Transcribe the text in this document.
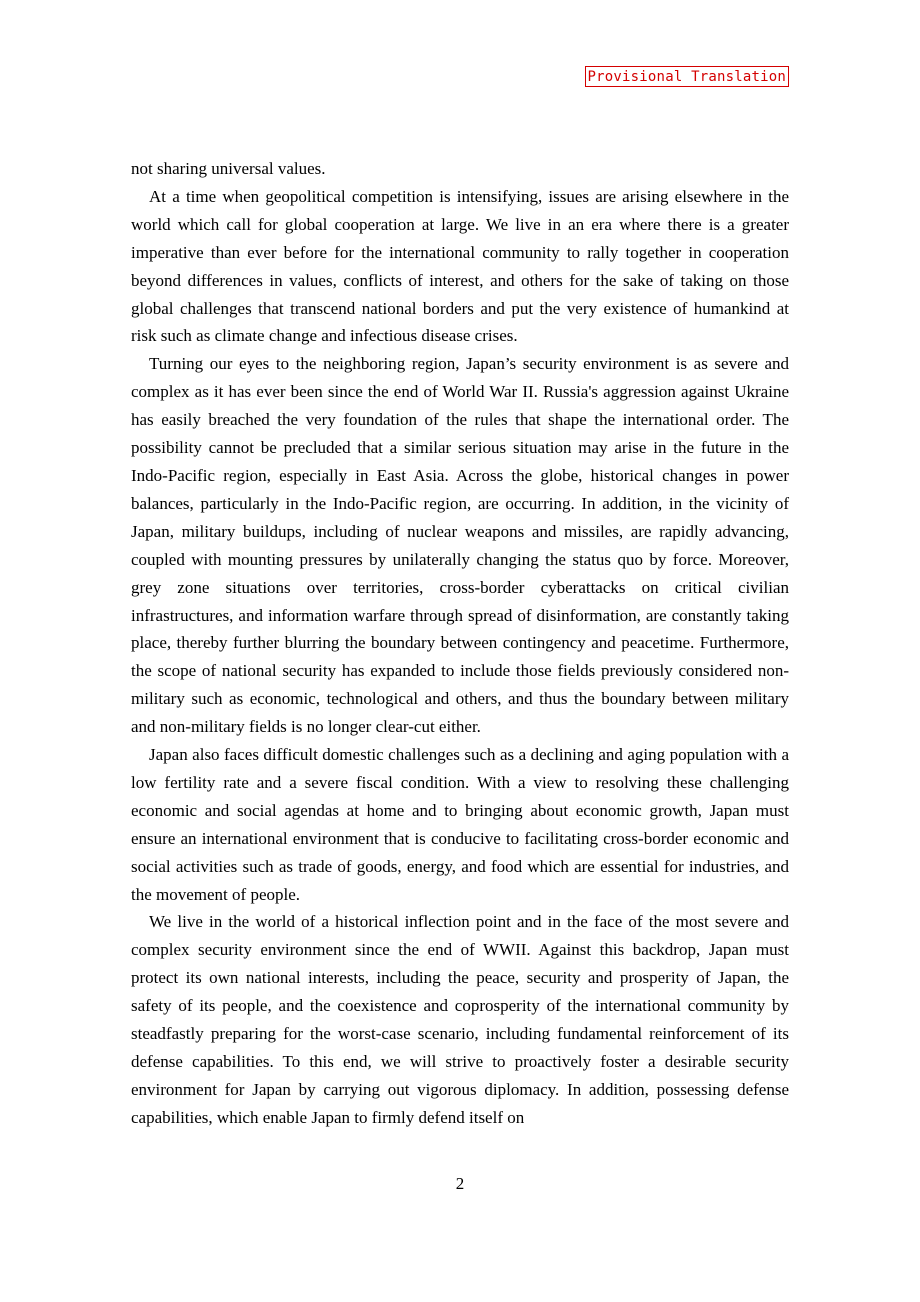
Provisional Translation

not sharing universal values.

At a time when geopolitical competition is intensifying, issues are arising elsewhere in the world which call for global cooperation at large. We live in an era where there is a greater imperative than ever before for the international community to rally together in cooperation beyond differences in values, conflicts of interest, and others for the sake of taking on those global challenges that transcend national borders and put the very existence of humankind at risk such as climate change and infectious disease crises.

Turning our eyes to the neighboring region, Japan’s security environment is as severe and complex as it has ever been since the end of World War II. Russia's aggression against Ukraine has easily breached the very foundation of the rules that shape the international order. The possibility cannot be precluded that a similar serious situation may arise in the future in the Indo-Pacific region, especially in East Asia. Across the globe, historical changes in power balances, particularly in the Indo-Pacific region, are occurring. In addition, in the vicinity of Japan, military buildups, including of nuclear weapons and missiles, are rapidly advancing, coupled with mounting pressures by unilaterally changing the status quo by force. Moreover, grey zone situations over territories, cross-border cyberattacks on critical civilian infrastructures, and information warfare through spread of disinformation, are constantly taking place, thereby further blurring the boundary between contingency and peacetime. Furthermore, the scope of national security has expanded to include those fields previously considered non-military such as economic, technological and others, and thus the boundary between military and non-military fields is no longer clear-cut either.

Japan also faces difficult domestic challenges such as a declining and aging population with a low fertility rate and a severe fiscal condition. With a view to resolving these challenging economic and social agendas at home and to bringing about economic growth, Japan must ensure an international environment that is conducive to facilitating cross-border economic and social activities such as trade of goods, energy, and food which are essential for industries, and the movement of people.

We live in the world of a historical inflection point and in the face of the most severe and complex security environment since the end of WWII. Against this backdrop, Japan must protect its own national interests, including the peace, security and prosperity of Japan, the safety of its people, and the coexistence and coprosperity of the international community by steadfastly preparing for the worst-case scenario, including fundamental reinforcement of its defense capabilities. To this end, we will strive to proactively foster a desirable security environment for Japan by carrying out vigorous diplomacy. In addition, possessing defense capabilities, which enable Japan to firmly defend itself on

2
